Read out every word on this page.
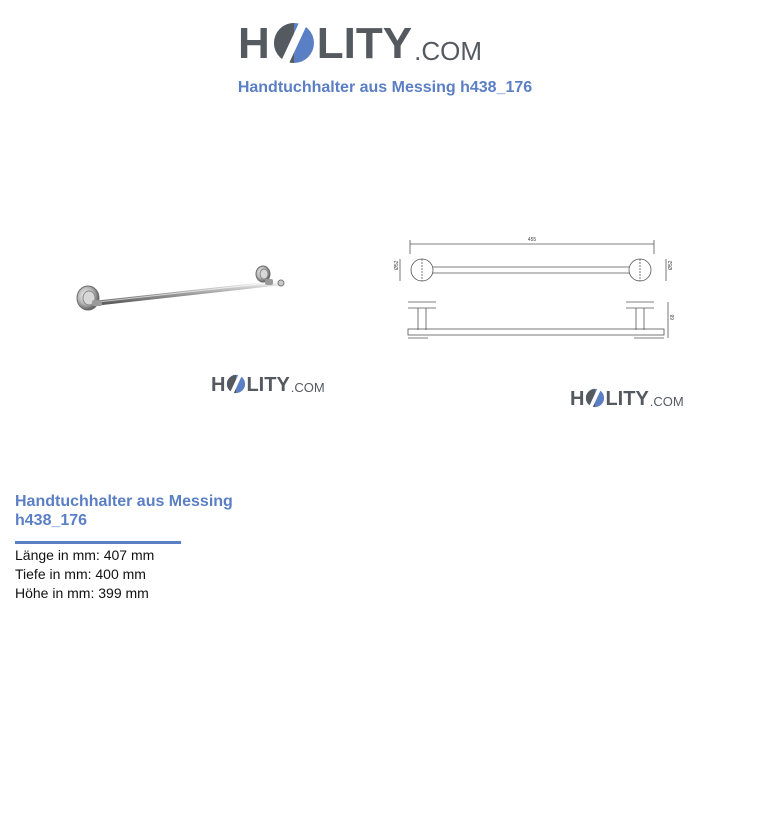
H LITY .COM
Handtuchhalter aus Messing h438_176
H LITY .COM
455
Ø52	Ø52
68
H LITY .COM
Handtuchhalter aus Messing h438_176
Länge in mm: 407 mm
Tiefe in mm: 400 mm
Höhe in mm: 399 mm
